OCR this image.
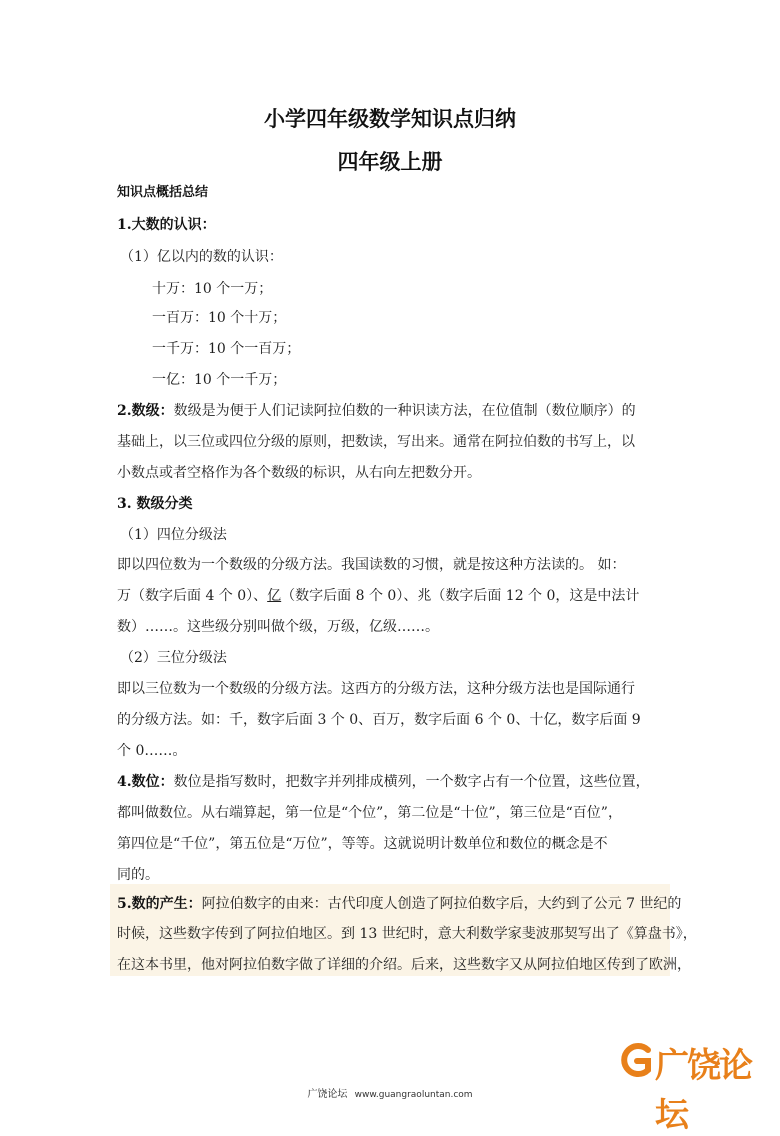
小学四年级数学知识点归纳
四年级上册
知识点概括总结
1.大数的认识：
（1）亿以内的数的认识：
十万：10 个一万；
一百万：10 个十万；
一千万：10 个一百万；
一亿：10 个一千万；
2.数级：数级是为便于人们记读阿拉伯数的一种识读方法，在位值制（数位顺序）的
基础上，以三位或四位分级的原则，把数读，写出来。通常在阿拉伯数的书写上，以
小数点或者空格作为各个数级的标识，从右向左把数分开。
3. 数级分类
（1）四位分级法
即以四位数为一个数级的分级方法。我国读数的习惯，就是按这种方法读的。 如：
万（数字后面 4 个 0）、亿（数字后面 8 个 0）、兆（数字后面 12 个 0，这是中法计
数）……。这些级分别叫做个级，万级，亿级……。
（2）三位分级法
即以三位数为一个数级的分级方法。这西方的分级方法，这种分级方法也是国际通行
的分级方法。如：千，数字后面 3 个 0、百万，数字后面 6 个 0、十亿，数字后面 9
个 0……。
4.数位：数位是指写数时，把数字并列排成横列，一个数字占有一个位置，这些位置，
都叫做数位。从右端算起，第一位是“个位”，第二位是“十位”，第三位是“百位”，
第四位是“千位”，第五位是“万位”，等等。这就说明计数单位和数位的概念是不
同的。
5.数的产生：阿拉伯数字的由来：古代印度人创造了阿拉伯数字后，大约到了公元 7 世纪的
时候，这些数字传到了阿拉伯地区。到 13 世纪时，意大利数学家斐波那契写出了《算盘书》，
在这本书里，他对阿拉伯数字做了详细的介绍。后来，这些数字又从阿拉伯地区传到了欧洲，
广饶论坛
广饶论坛 www.guangraoluntan.com
